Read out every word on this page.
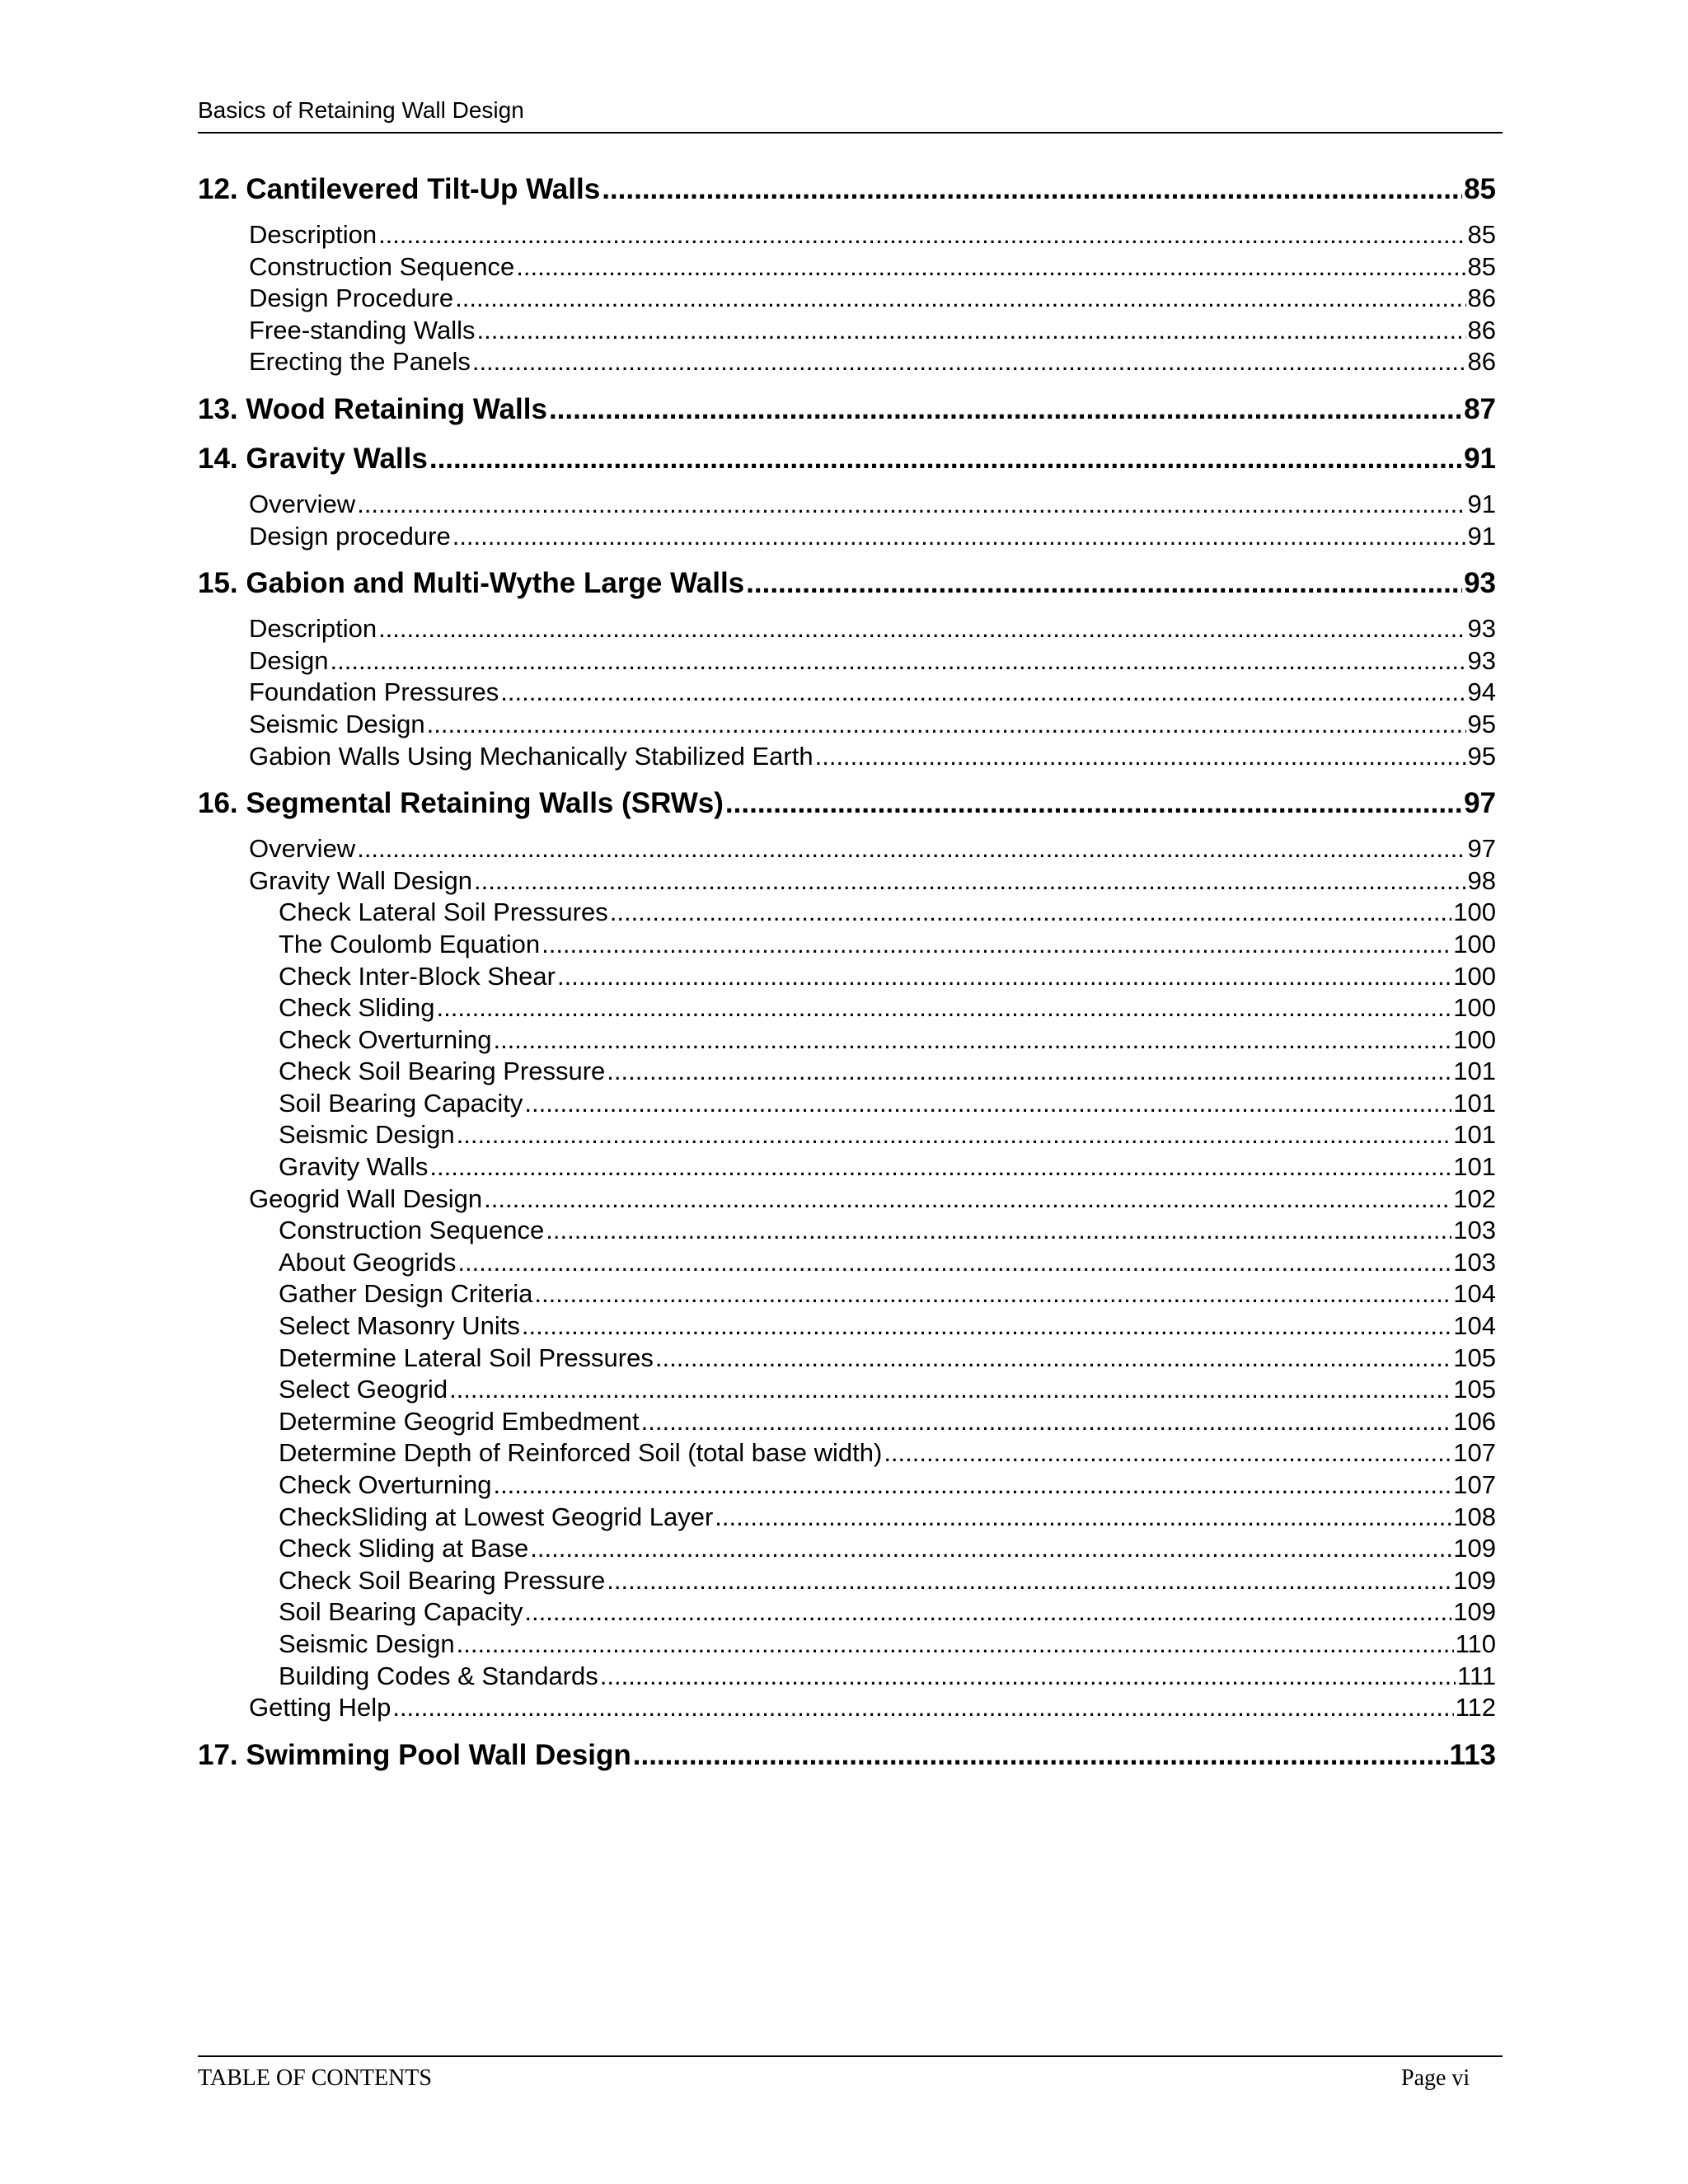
Basics of Retaining Wall Design
12. Cantilevered Tilt-Up Walls .....	85
Description .....	85
Construction Sequence .....	85
Design Procedure .....	86
Free-standing Walls .....	86
Erecting the Panels .....	86
13. Wood Retaining Walls .....	87
14. Gravity Walls .....	91
Overview .....	91
Design procedure .....	91
15. Gabion and Multi-Wythe Large Walls .....	93
Description .....	93
Design .....	93
Foundation Pressures .....	94
Seismic Design .....	95
Gabion Walls Using Mechanically Stabilized Earth .....	95
16. Segmental Retaining Walls (SRWs) .....	97
Overview .....	97
Gravity Wall Design .....	98
Check Lateral Soil Pressures .....	100
The Coulomb Equation .....	100
Check Inter-Block Shear .....	100
Check Sliding .....	100
Check Overturning .....	100
Check Soil Bearing Pressure .....	101
Soil Bearing Capacity .....	101
Seismic Design .....	101
Gravity Walls .....	101
Geogrid Wall Design .....	102
Construction Sequence .....	103
About Geogrids .....	103
Gather Design Criteria .....	104
Select Masonry Units .....	104
Determine Lateral Soil Pressures .....	105
Select Geogrid .....	105
Determine Geogrid Embedment .....	106
Determine Depth of Reinforced Soil (total base width) .....	107
Check Overturning .....	107
CheckSliding at Lowest Geogrid Layer .....	108
Check Sliding at Base .....	109
Check Soil Bearing Pressure .....	109
Soil Bearing Capacity .....	109
Seismic Design .....	110
Building Codes & Standards .....	111
Getting Help .....	112
17. Swimming Pool Wall Design .....	113
TABLE OF CONTENTS	Page vi
